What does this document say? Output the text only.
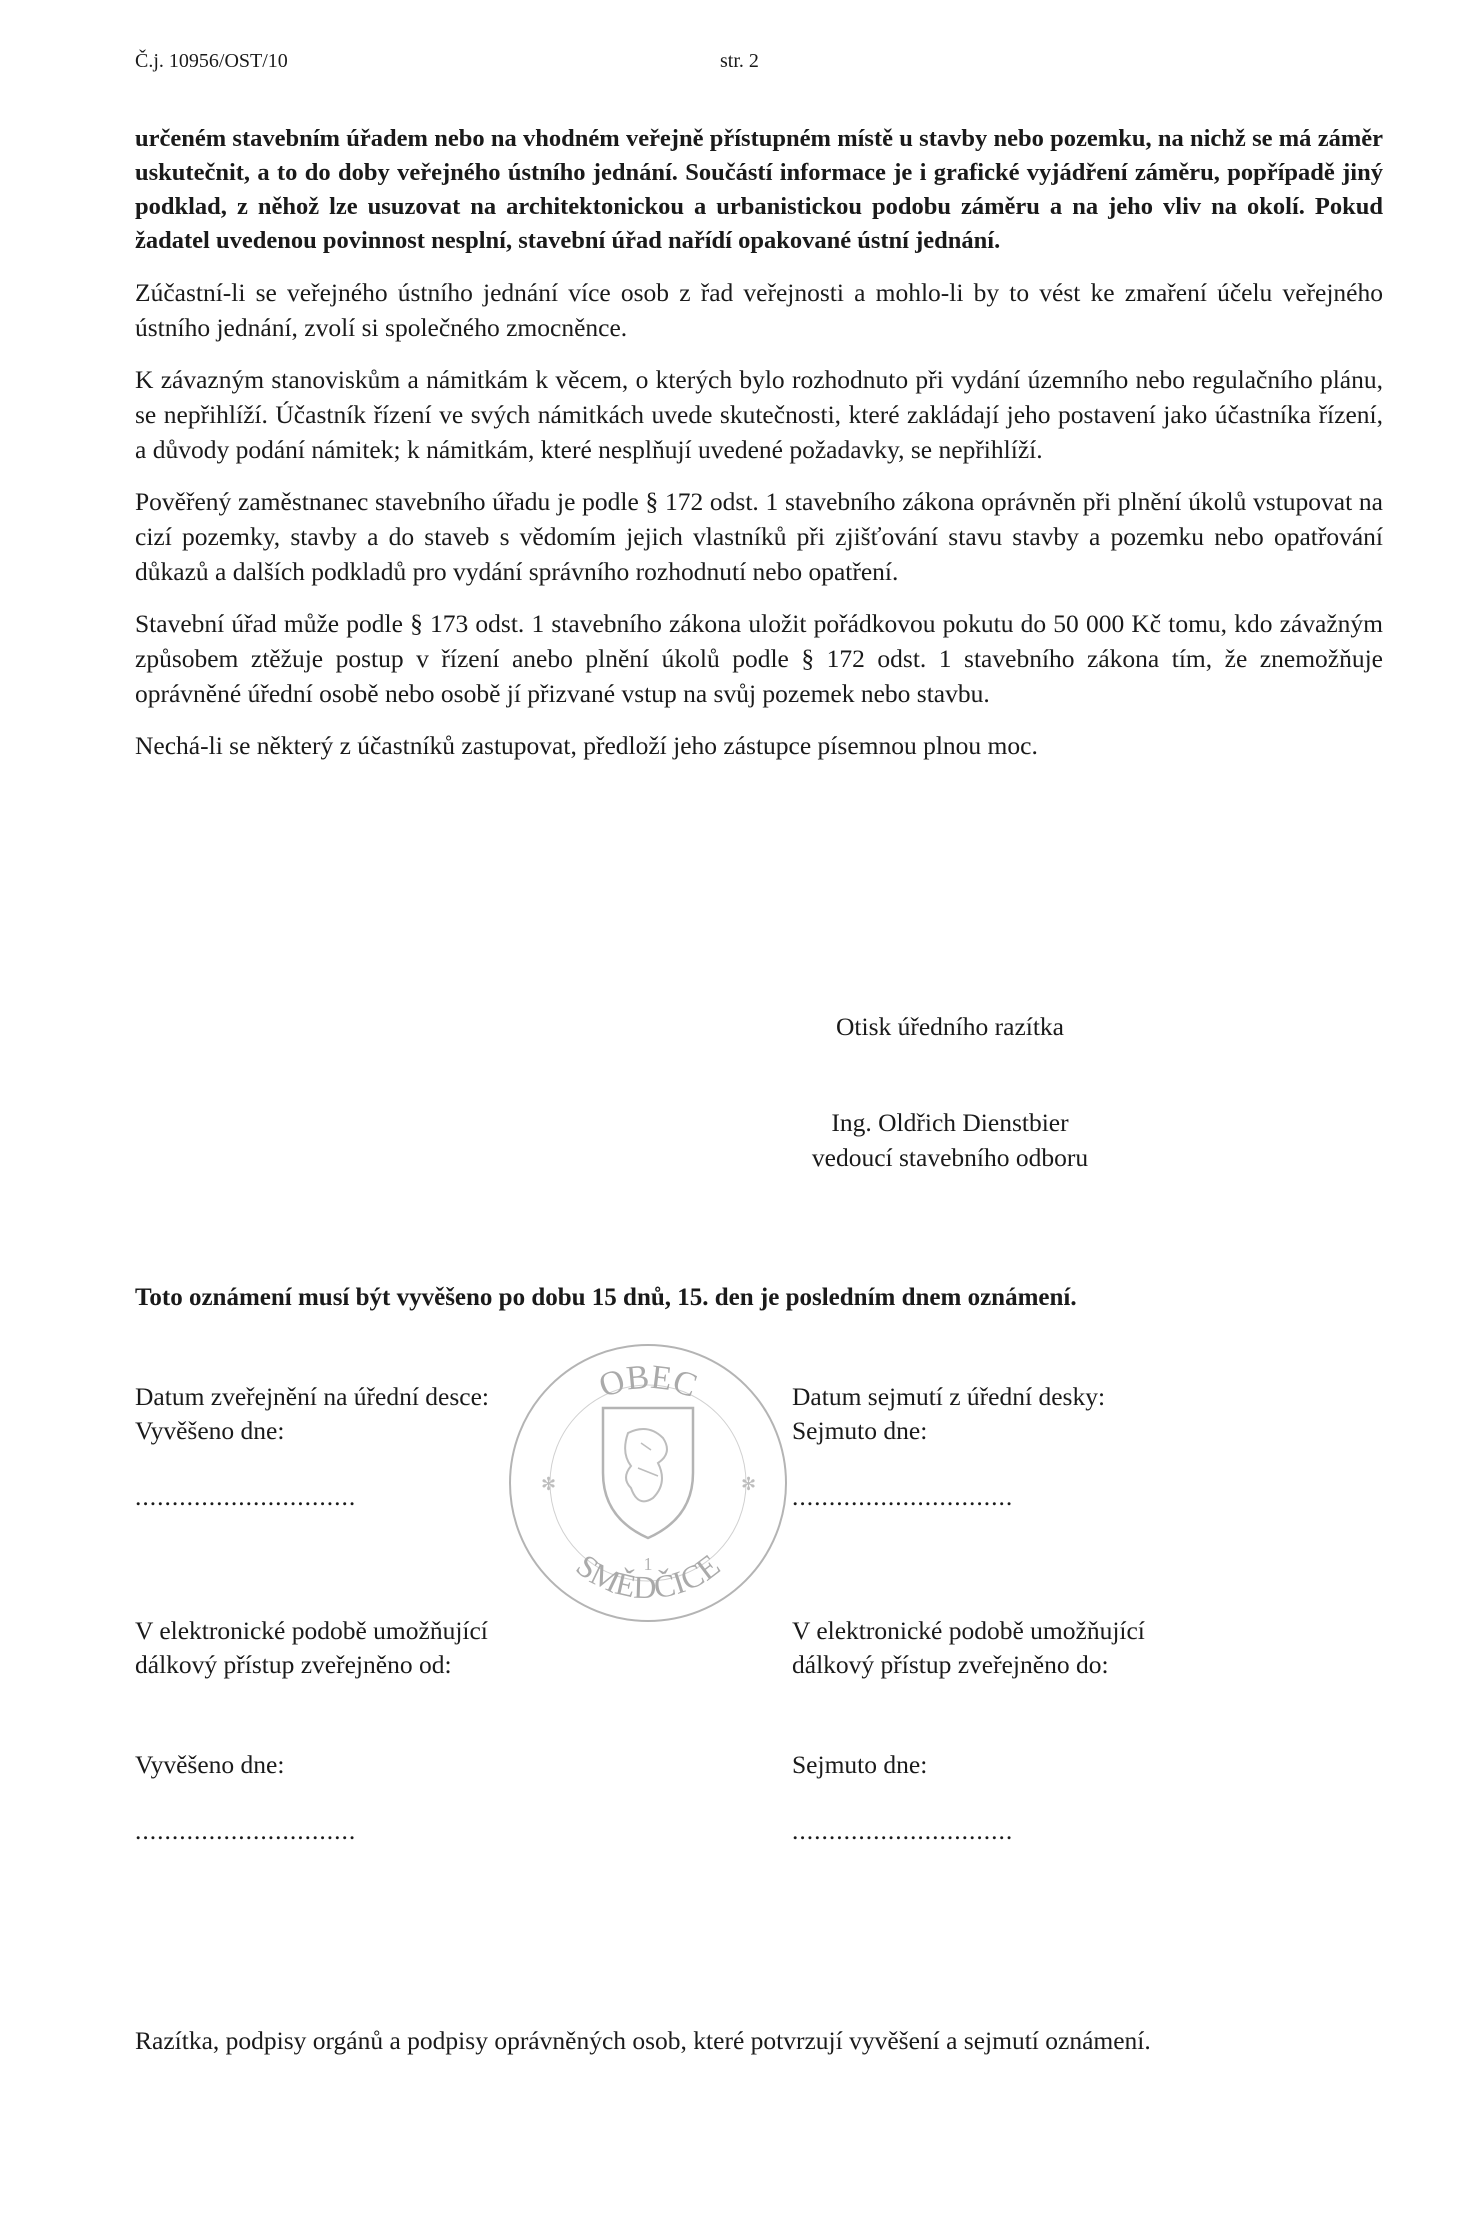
Č.j. 10956/OST/10	str. 2

určeném stavebním úřadem nebo na vhodném veřejně přístupném místě u stavby nebo pozemku, na nichž se má záměr uskutečnit, a to do doby veřejného ústního jednání. Součástí informace je i grafické vyjádření záměru, popřípadě jiný podklad, z něhož lze usuzovat na architektonickou a urbanistickou podobu záměru a na jeho vliv na okolí. Pokud žadatel uvedenou povinnost nesplní, stavební úřad nařídí opakované ústní jednání.

Zúčastní-li se veřejného ústního jednání více osob z řad veřejnosti a mohlo-li by to vést ke zmaření účelu veřejného ústního jednání, zvolí si společného zmocněnce.

K závazným stanoviskům a námitkám k věcem, o kterých bylo rozhodnuto při vydání územního nebo regulačního plánu, se nepřihlíží. Účastník řízení ve svých námitkách uvede skutečnosti, které zakládají jeho postavení jako účastníka řízení, a důvody podání námitek; k námitkám, které nesplňují uvedené požadavky, se nepřihlíží.

Pověřený zaměstnanec stavebního úřadu je podle § 172 odst. 1 stavebního zákona oprávněn při plnění úkolů vstupovat na cizí pozemky, stavby a do staveb s vědomím jejich vlastníků při zjišťování stavu stavby a pozemku nebo opatřování důkazů a dalších podkladů pro vydání správního rozhodnutí nebo opatření.

Stavební úřad může podle § 173 odst. 1 stavebního zákona uložit pořádkovou pokutu do 50 000 Kč tomu, kdo závažným způsobem ztěžuje postup v řízení anebo plnění úkolů podle § 172 odst. 1 stavebního zákona tím, že znemožňuje oprávněné úřední osobě nebo osobě jí přizvané vstup na svůj pozemek nebo stavbu.

Nechá-li se některý z účastníků zastupovat, předloží jeho zástupce písemnou plnou moc.

Otisk úředního razítka
Ing. Oldřich Dienstbier
vedoucí stavebního odboru
Toto oznámení musí být vyvěšeno po dobu 15 dnů, 15. den je posledním dnem oznámení.
Datum zveřejnění na úřední desce:
Vyvěšeno dne:
..............................
V elektronické podobě umožňující
dálkový přístup zveřejněno od:
Vyvěšeno dne:
..............................
Datum sejmutí z úřední desky:
Sejmuto dne:
..............................
V elektronické podobě umožňující
dálkový přístup zveřejněno do:
Sejmuto dne:
..............................
OBEC
SMĚDČICE
✻	✻
1
Razítka, podpisy orgánů a podpisy oprávněných osob, které potvrzují vyvěšení a sejmutí oznámení.
